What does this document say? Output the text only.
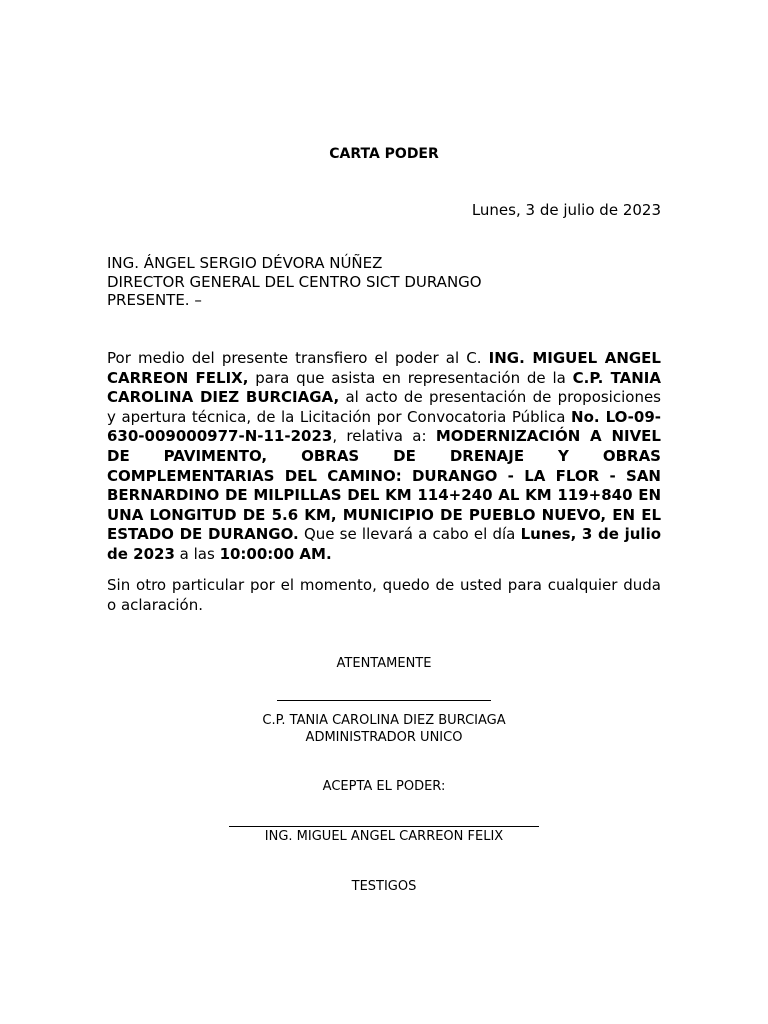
CARTA PODER
Lunes, 3 de julio de 2023
ING. ÁNGEL SERGIO DÉVORA NÚÑEZ
DIRECTOR GENERAL DEL CENTRO SICT DURANGO
PRESENTE. –
Por medio del presente transfiero el poder al C. ING. MIGUEL ANGEL CARREON FELIX, para que asista en representación de la C.P. TANIA CAROLINA DIEZ BURCIAGA, al acto de presentación de proposiciones y apertura técnica, de la Licitación por Convocatoria Pública No. LO-09-630-009000977-N-11-2023, relativa a: MODERNIZACIÓN A NIVEL DE PAVIMENTO, OBRAS DE DRENAJE Y OBRAS COMPLEMENTARIAS DEL CAMINO: DURANGO - LA FLOR - SAN BERNARDINO DE MILPILLAS DEL KM 114+240 AL KM 119+840 EN UNA LONGITUD DE 5.6 KM, MUNICIPIO DE PUEBLO NUEVO, EN EL ESTADO DE DURANGO. Que se llevará a cabo el día Lunes, 3 de julio de 2023 a las 10:00:00 AM.
Sin otro particular por el momento, quedo de usted para cualquier duda o aclaración.
ATENTAMENTE
C.P. TANIA CAROLINA DIEZ BURCIAGA
ADMINISTRADOR UNICO
ACEPTA EL PODER:
ING. MIGUEL ANGEL CARREON FELIX
TESTIGOS
